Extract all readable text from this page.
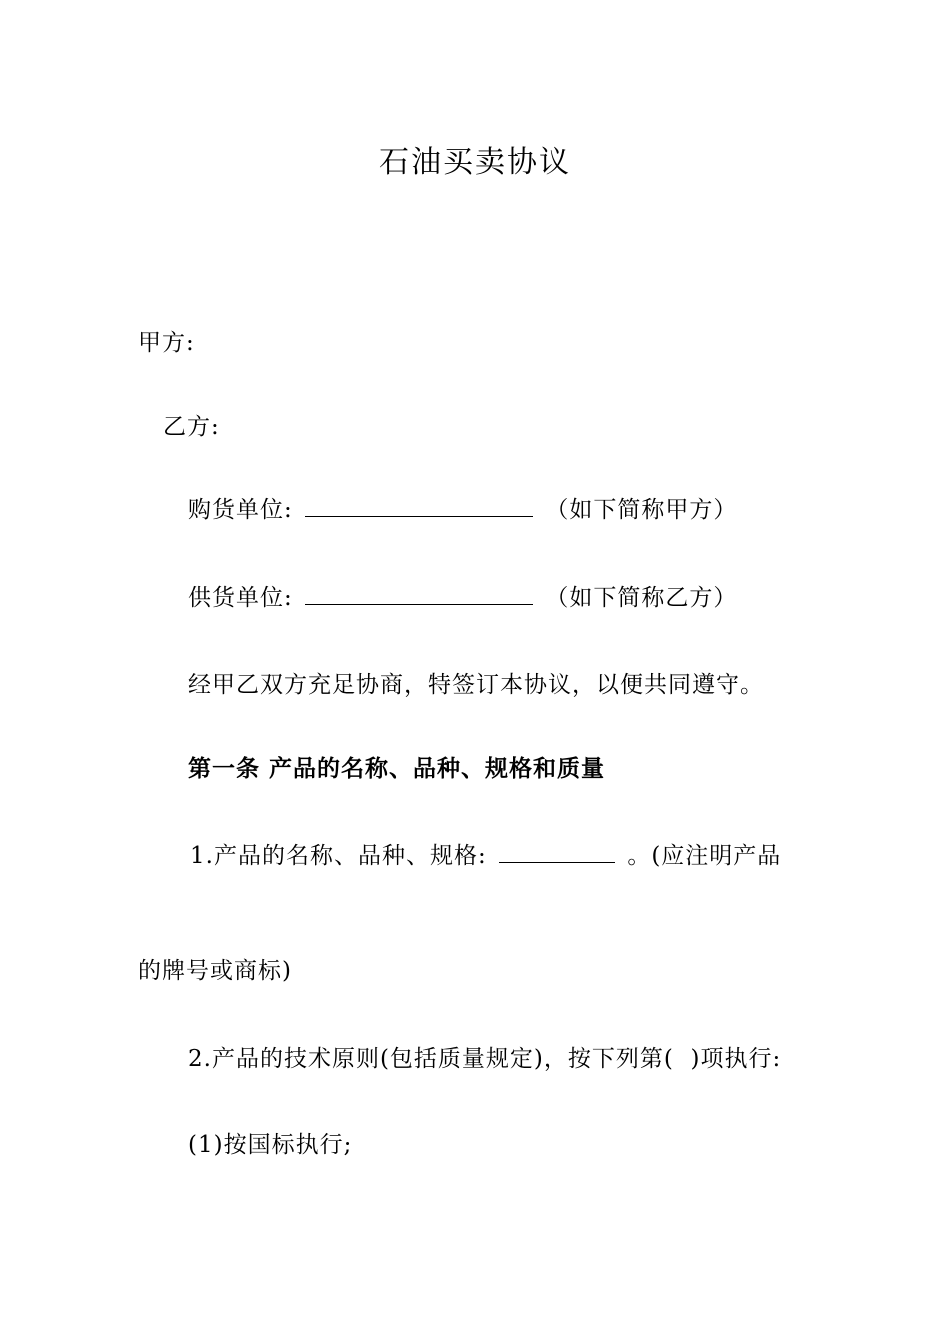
石油买卖协议
甲方:
乙方:
购货单位:	（如下简称甲方）
供货单位:	（如下简称乙方）
经甲乙双方充足协商，特签订本协议，以便共同遵守。
第一条 产品的名称、品种、规格和质量
1.产品的名称、品种、规格:	。(应注明产品
的牌号或商标)
2.产品的技术原则(包括质量规定)，按下列第(  )项执行:
(1)按国标执行;
